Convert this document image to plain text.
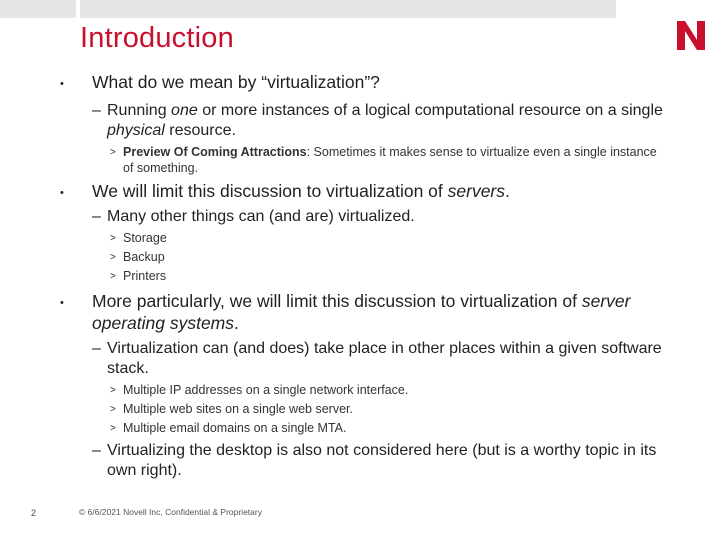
Introduction
• What do we mean by “virtualization”?
– Running one or more instances of a logical computational resource on a single physical resource.
> Preview Of Coming Attractions: Sometimes it makes sense to virtualize even a single instance of something.
• We will limit this discussion to virtualization of servers.
– Many other things can (and are) virtualized.
> Storage
> Backup
> Printers
• More particularly, we will limit this discussion to virtualization of server operating systems.
– Virtualization can (and does) take place in other places within a given software stack.
> Multiple IP addresses on a single network interface.
> Multiple web sites on a single web server.
> Multiple email domains on a single MTA.
– Virtualizing the desktop is also not considered here (but is a worthy topic in its own right).
2	© 6/6/2021 Novell Inc, Confidential & Proprietary
